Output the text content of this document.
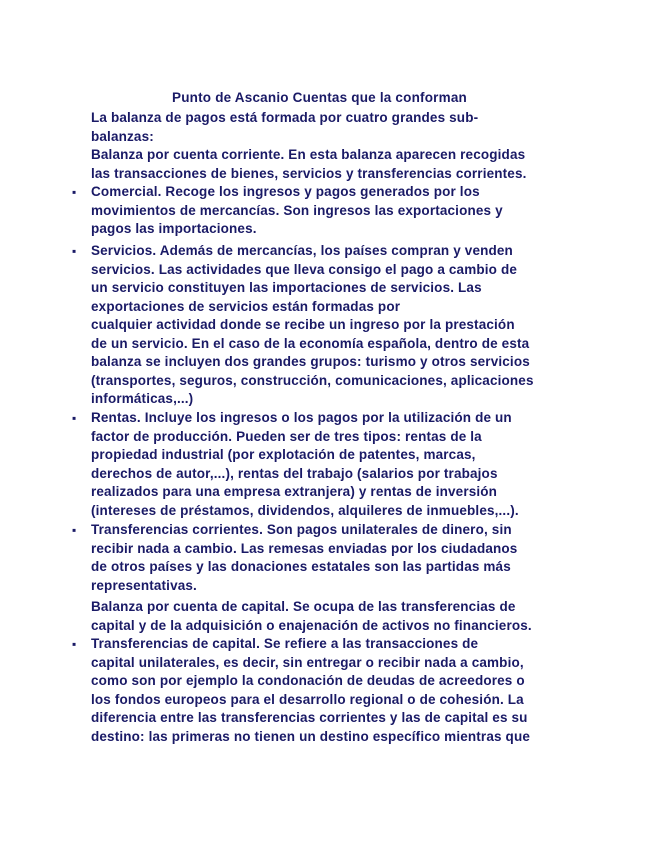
Punto de Ascanio Cuentas que la conforman
La balanza de pagos está formada por cuatro grandes sub-
balanzas:
Balanza por cuenta corriente. En esta balanza aparecen recogidas
las transacciones de bienes, servicios y transferencias corrientes.
▪ Comercial. Recoge los ingresos y pagos generados por los
movimientos de mercancías. Son ingresos las exportaciones y
pagos las importaciones.
▪ Servicios. Además de mercancías, los países compran y venden
servicios. Las actividades que lleva consigo el pago a cambio de
un servicio constituyen las importaciones de servicios. Las
exportaciones de servicios están formadas por
cualquier actividad donde se recibe un ingreso por la prestación
de un servicio. En el caso de la economía española, dentro de esta
balanza se incluyen dos grandes grupos: turismo y otros servicios
(transportes, seguros, construcción, comunicaciones, aplicaciones
informáticas,...)
▪ Rentas. Incluye los ingresos o los pagos por la utilización de un
factor de producción. Pueden ser de tres tipos: rentas de la
propiedad industrial (por explotación de patentes, marcas,
derechos de autor,...), rentas del trabajo (salarios por trabajos
realizados para una empresa extranjera) y rentas de inversión
(intereses de préstamos, dividendos, alquileres de inmuebles,...).
▪ Transferencias corrientes. Son pagos unilaterales de dinero, sin
recibir nada a cambio. Las remesas enviadas por los ciudadanos
de otros países y las donaciones estatales son las partidas más
representativas.
Balanza por cuenta de capital. Se ocupa de las transferencias de
capital y de la adquisición o enajenación de activos no financieros.
▪ Transferencias de capital. Se refiere a las transacciones de
capital unilaterales, es decir, sin entregar o recibir nada a cambio,
como son por ejemplo la condonación de deudas de acreedores o
los fondos europeos para el desarrollo regional o de cohesión. La
diferencia entre las transferencias corrientes y las de capital es su
destino: las primeras no tienen un destino específico mientras que
